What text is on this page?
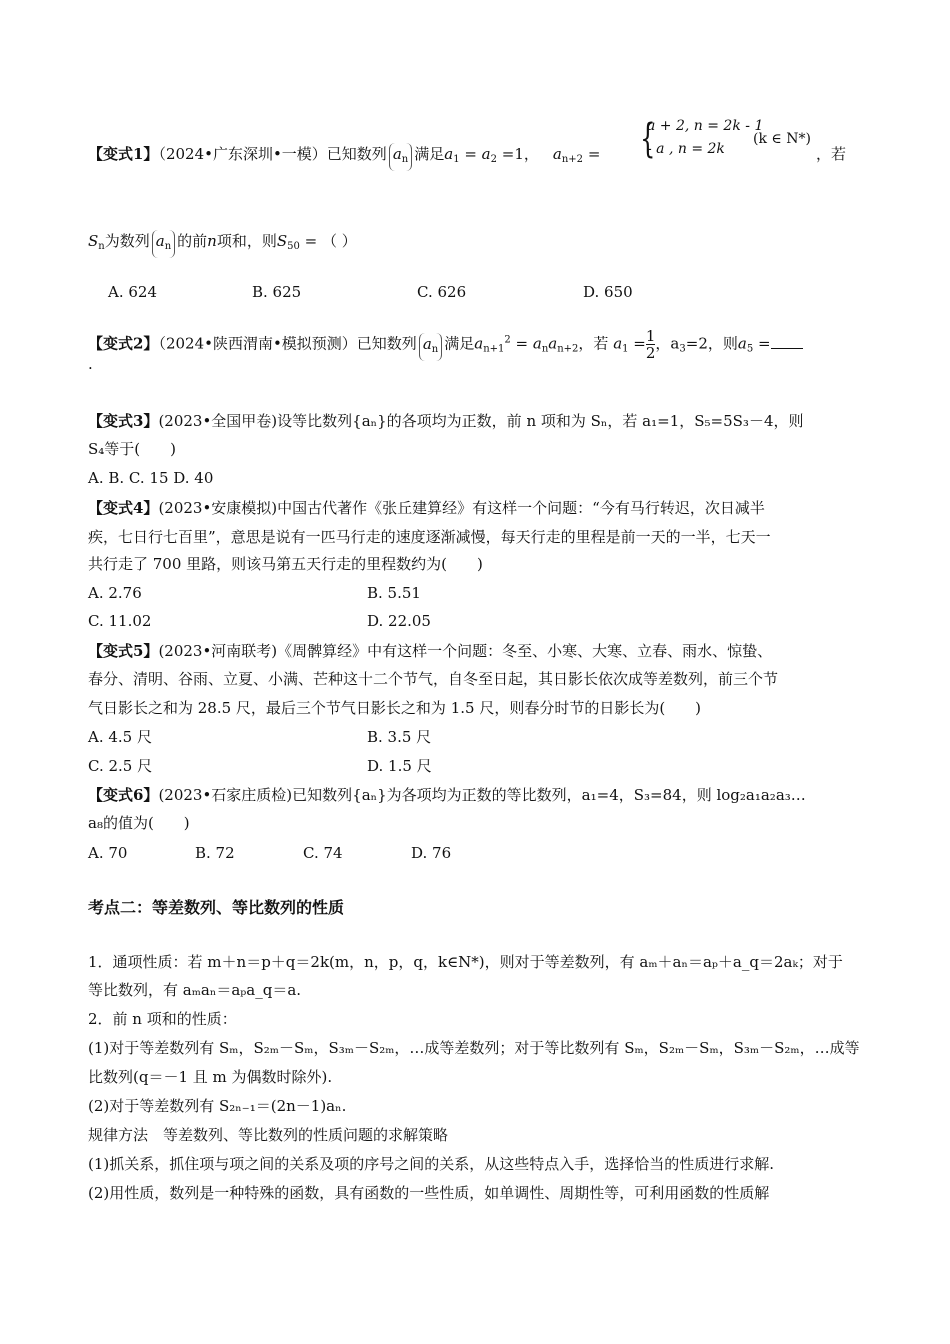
【变式1】（2024•广东深圳•一模）已知数列 $a_n$ 满足$a_1 = a_2 =1$， $a_{n+2}$ = {
a + 2, n = 2k - 1
- a , n = 2k
(k ∈ N*)
，若
$S_n$为数列 $a_n$ 的前n项和，则$S_{50}$ = （ ）
A. 624	B. 625	C. 626	D. 650
【变式2】（2024•陕西渭南•模拟预测）已知数列 $a_n$ 满足$a_{n+1}^2 = a_na_{n+2}$，若 $a_1 = \frac{1}{2}$ ，$a_3=2$，则$a_5$ =
.
【变式3】(2023•全国甲卷)设等比数列{aₙ}的各项均为正数，前 n 项和为 Sₙ，若 a₁=1，S₅=5S₃－4，则
S₄等于(　　)
A. B. C. 15 D. 40
【变式4】(2023•安康模拟)中国古代著作《张丘建算经》有这样一个问题：“今有马行转迟，次日减半
疾，七日行七百里”，意思是说有一匹马行走的速度逐渐减慢，每天行走的里程是前一天的一半，七天一
共行走了 700 里路，则该马第五天行走的里程数约为(　　)
A. 2.76	B. 5.51
C. 11.02	D. 22.05
【变式5】(2023•河南联考)《周髀算经》中有这样一个问题：冬至、小寒、大寒、立春、雨水、惊蛰、
春分、清明、谷雨、立夏、小满、芒种这十二个节气，自冬至日起，其日影长依次成等差数列，前三个节
气日影长之和为 28.5 尺，最后三个节气日影长之和为 1.5 尺，则春分时节的日影长为(　　)
A. 4.5 尺	B. 3.5 尺
C. 2.5 尺	D. 1.5 尺
【变式6】(2023•石家庄质检)已知数列{aₙ}为各项均为正数的等比数列，a₁=4，S₃=84，则 log₂a₁a₂a₃…
a₈的值为(　　)
A. 70	B. 72	C. 74	D. 76
考点二：等差数列、等比数列的性质
1．通项性质：若 m＋n＝p＋q＝2k(m，n，p，q，k∈N*)，则对于等差数列，有 aₘ＋aₙ＝aₚ＋a_q＝2aₖ；对于
等比数列，有 aₘaₙ＝aₚa_q＝a.
2．前 n 项和的性质：
(1)对于等差数列有 Sₘ，S₂ₘ－Sₘ，S₃ₘ－S₂ₘ，…成等差数列；对于等比数列有 Sₘ，S₂ₘ－Sₘ，S₃ₘ－S₂ₘ，…成等
比数列(q＝－1 且 m 为偶数时除外).
(2)对于等差数列有 S₂ₙ₋₁＝(2n－1)aₙ.
规律方法　等差数列、等比数列的性质问题的求解策略
(1)抓关系，抓住项与项之间的关系及项的序号之间的关系，从这些特点入手，选择恰当的性质进行求解.
(2)用性质，数列是一种特殊的函数，具有函数的一些性质，如单调性、周期性等，可利用函数的性质解
